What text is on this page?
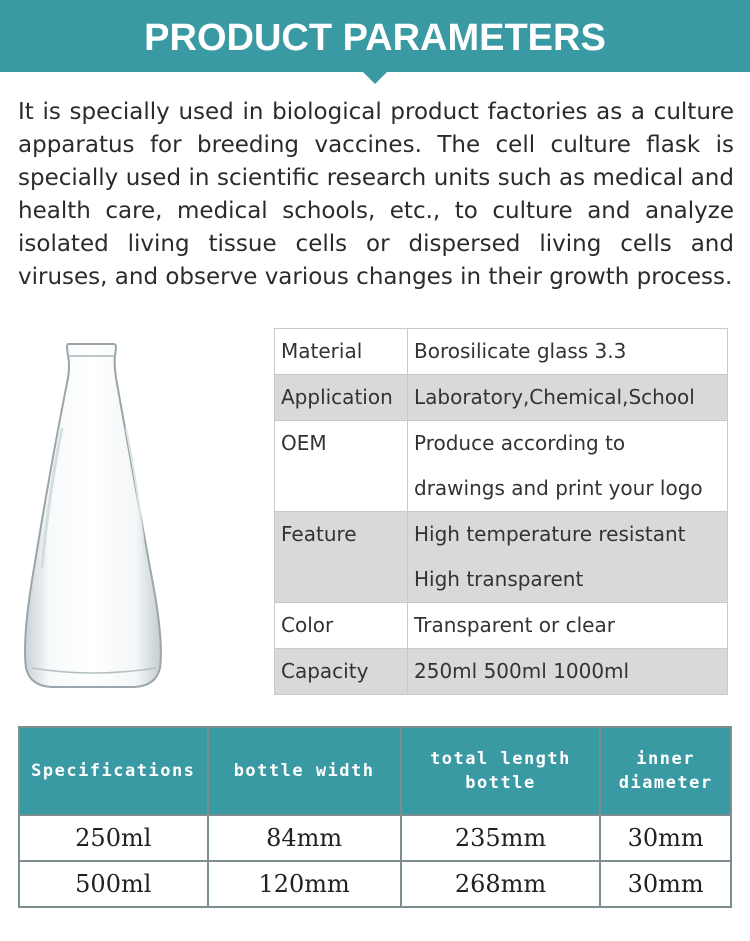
PRODUCT PARAMETERS

It is specially used in biological product factories as a culture apparatus for breeding vaccines. The cell culture flask is specially used in scientific research units such as medical and health care, medical schools, etc., to culture and analyze isolated living tissue cells or dispersed living cells and viruses, and observe various changes in their growth process.

Material	Borosilicate glass 3.3

Application	Laboratory,Chemical,School

OEM	Produce according to
drawings and print your logo

Feature	High temperature resistant
High transparent

Color	Transparent or clear

Capacity	250ml 500ml 1000ml
Specifications	bottle width	total length bottle	inner diameter
250ml	84mm	235mm	30mm
500ml	120mm	268mm	30mm
